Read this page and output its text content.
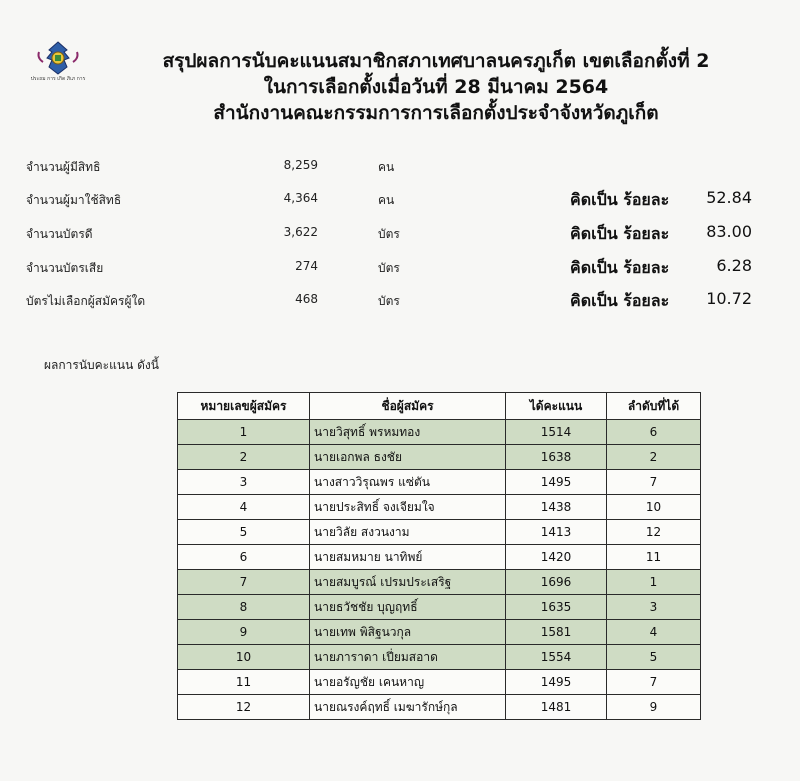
ประถม การ เกิด ภิเภ การ
สรุปผลการนับคะแนนสมาชิกสภาเทศบาลนครภูเก็ต เขตเลือกตั้งที่ 2
ในการเลือกตั้งเมื่อวันที่ 28 มีนาคม 2564
สำนักงานคณะกรรมการการเลือกตั้งประจำจังหวัดภูเก็ต
จำนวนผู้มีสิทธิ	8,259	คน
จำนวนผู้มาใช้สิทธิ	4,364	คน	คิดเป็น ร้อยละ	52.84
จำนวนบัตรดี	3,622	บัตร	คิดเป็น ร้อยละ	83.00
จำนวนบัตรเสีย	274	บัตร	คิดเป็น ร้อยละ	6.28
บัตรไม่เลือกผู้สมัครผู้ใด	468	บัตร	คิดเป็น ร้อยละ	10.72
ผลการนับคะแนน ดังนี้
หมายเลขผู้สมัคร	ชื่อผู้สมัคร	ได้คะแนน	ลำดับที่ได้
1	นายวิสุทธิ์ พรหมทอง	1514	6
2	นายเอกพล ธงชัย	1638	2
3	นางสาววิรุณพร แซ่ตัน	1495	7
4	นายประสิทธิ์ จงเจียมใจ	1438	10
5	นายวิลัย สงวนงาม	1413	12
6	นายสมหมาย นาทิพย์	1420	11
7	นายสมบูรณ์ เปรมประเสริฐ	1696	1
8	นายธวัชชัย บุญฤทธิ์	1635	3
9	นายเทพ พิสิฐนวกุล	1581	4
10	นายภาราดา เปี่ยมสอาด	1554	5
11	นายอรัญชัย เคนหาญ	1495	7
12	นายณรงค์ฤทธิ์ เมฆารักษ์กุล	1481	9
